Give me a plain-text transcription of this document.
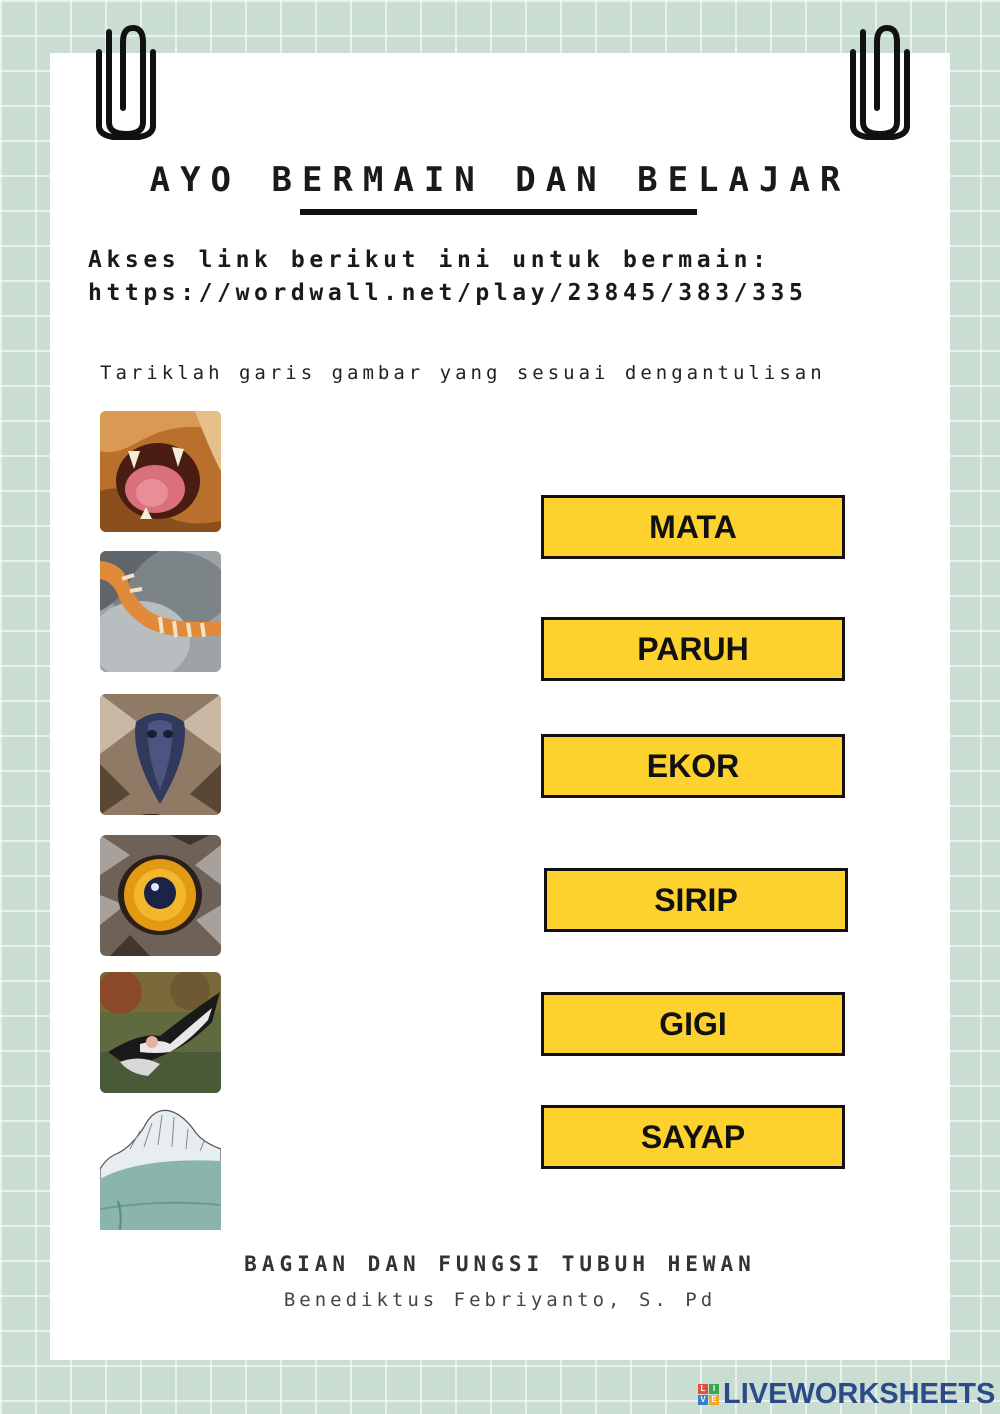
AYO BERMAIN DAN BELAJAR
Akses link berikut ini untuk bermain:
https://wordwall.net/play/23845/383/335
Tariklah garis gambar yang sesuai dengantulisan
MATA
PARUH
EKOR
SIRIP
GIGI
SAYAP
BAGIAN DAN FUNGSI TUBUH HEWAN
Benediktus Febriyanto, S. Pd
L I
V E LIVEWORKSHEETS
